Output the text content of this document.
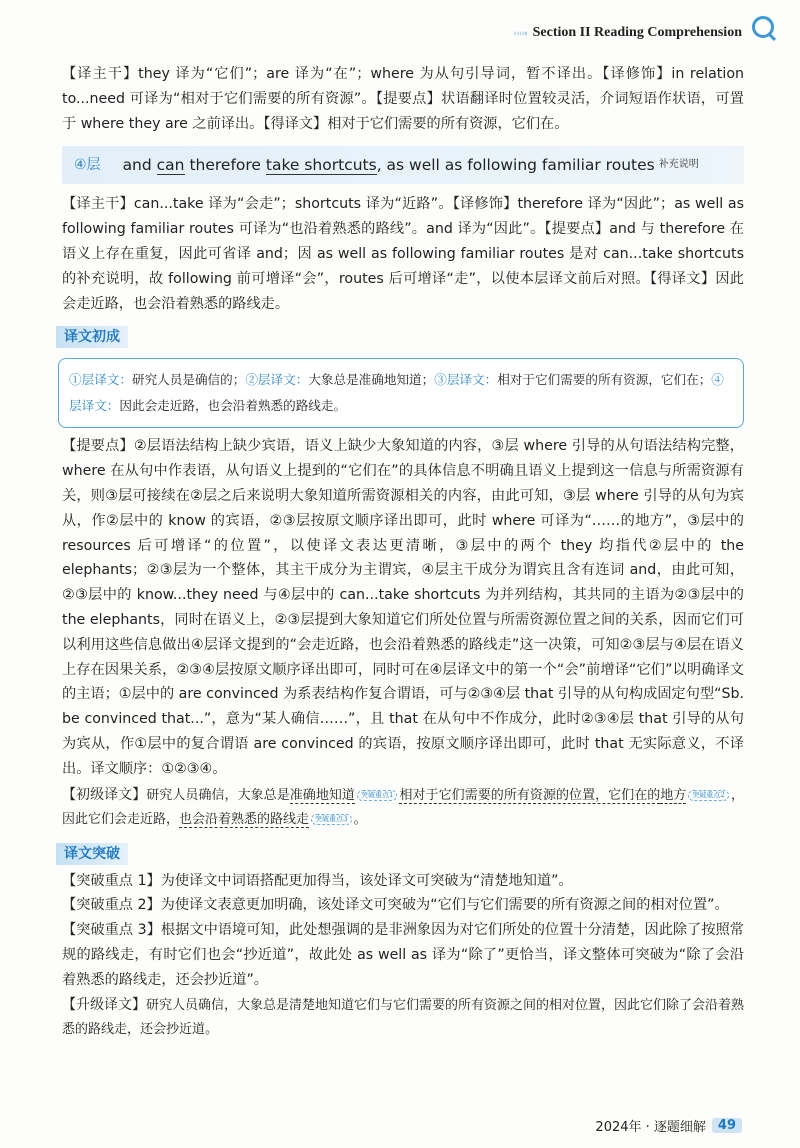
‹‹‹‹‹ Section II Reading Comprehension

【译主干】they 译为“它们”；are 译为“在”；where 为从句引导词，暂不译出。【译修饰】in relation to...need 可译为“相对于它们需要的所有资源”。【提要点】状语翻译时位置较灵活，介词短语作状语，可置于 where they are 之前译出。【得译文】相对于它们需要的所有资源，它们在。

④层 and can therefore take shortcuts, as well as following familiar routes 补充说明

【译主干】can...take 译为“会走”；shortcuts 译为“近路”。【译修饰】therefore 译为“因此”；as well as following familiar routes 可译为“也沿着熟悉的路线”。and 译为“因此”。【提要点】and 与 therefore 在语义上存在重复，因此可省译 and；因 as well as following familiar routes 是对 can...take shortcuts 的补充说明，故 following 前可增译“会”，routes 后可增译“走”，以使本层译文前后对照。【得译文】因此会走近路，也会沿着熟悉的路线走。

译文初成

①层译文：研究人员是确信的；②层译文：大象总是准确地知道；③层译文：相对于它们需要的所有资源，它们在；④层译文：因此会走近路，也会沿着熟悉的路线走。

【提要点】②层语法结构上缺少宾语，语义上缺少大象知道的内容，③层 where 引导的从句语法结构完整，where 在从句中作表语，从句语义上提到的“它们在”的具体信息不明确且语义上提到这一信息与所需资源有关，则③层可接续在②层之后来说明大象知道所需资源相关的内容，由此可知，③层 where 引导的从句为宾从，作②层中的 know 的宾语，②③层按原文顺序译出即可，此时 where 可译为“……的地方”，③层中的 resources 后可增译“的位置”，以使译文表达更清晰，③层中的两个 they 均指代②层中的 the elephants；②③层为一个整体，其主干成分为主谓宾，④层主干成分为谓宾且含有连词 and，由此可知，②③层中的 know...they need 与④层中的 can...take shortcuts 为并列结构，其共同的主语为②③层中的 the elephants，同时在语义上，②③层提到大象知道它们所处位置与所需资源位置之间的关系，因而它们可以利用这些信息做出④层译文提到的“会走近路，也会沿着熟悉的路线走”这一决策，可知②③层与④层在语义上存在因果关系，②③④层按原文顺序译出即可，同时可在④层译文中的第一个“会”前增译“它们”以明确译文的主语；①层中的 are convinced 为系表结构作复合谓语，可与②③④层 that 引导的从句构成固定句型“Sb. be convinced that...”，意为“某人确信……”，且 that 在从句中不作成分，此时②③④层 that 引导的从句为宾从，作①层中的复合谓语 are convinced 的宾语，按原文顺序译出即可，此时 that 无实际意义，不译出。译文顺序：①②③④。

【初级译文】研究人员确信，大象总是准确地知道 突破重点1 相对于它们需要的所有资源的位置，它们在的地方 突破重点2 ，因此它们会走近路，也会沿着熟悉的路线走 突破重点3 。

译文突破

【突破重点 1】为使译文中词语搭配更加得当，该处译文可突破为“清楚地知道”。

【突破重点 2】为使译文表意更加明确，该处译文可突破为“它们与它们需要的所有资源之间的相对位置”。

【突破重点 3】根据文中语境可知，此处想强调的是非洲象因为对它们所处的位置十分清楚，因此除了按照常规的路线走，有时它们也会“抄近道”，故此处 as well as 译为“除了”更恰当，译文整体可突破为“除了会沿着熟悉的路线走，还会抄近道”。

【升级译文】研究人员确信，大象总是清楚地知道它们与它们需要的所有资源之间的相对位置，因此它们除了会沿着熟悉的路线走，还会抄近道。

2024年 · 逐题细解 49
